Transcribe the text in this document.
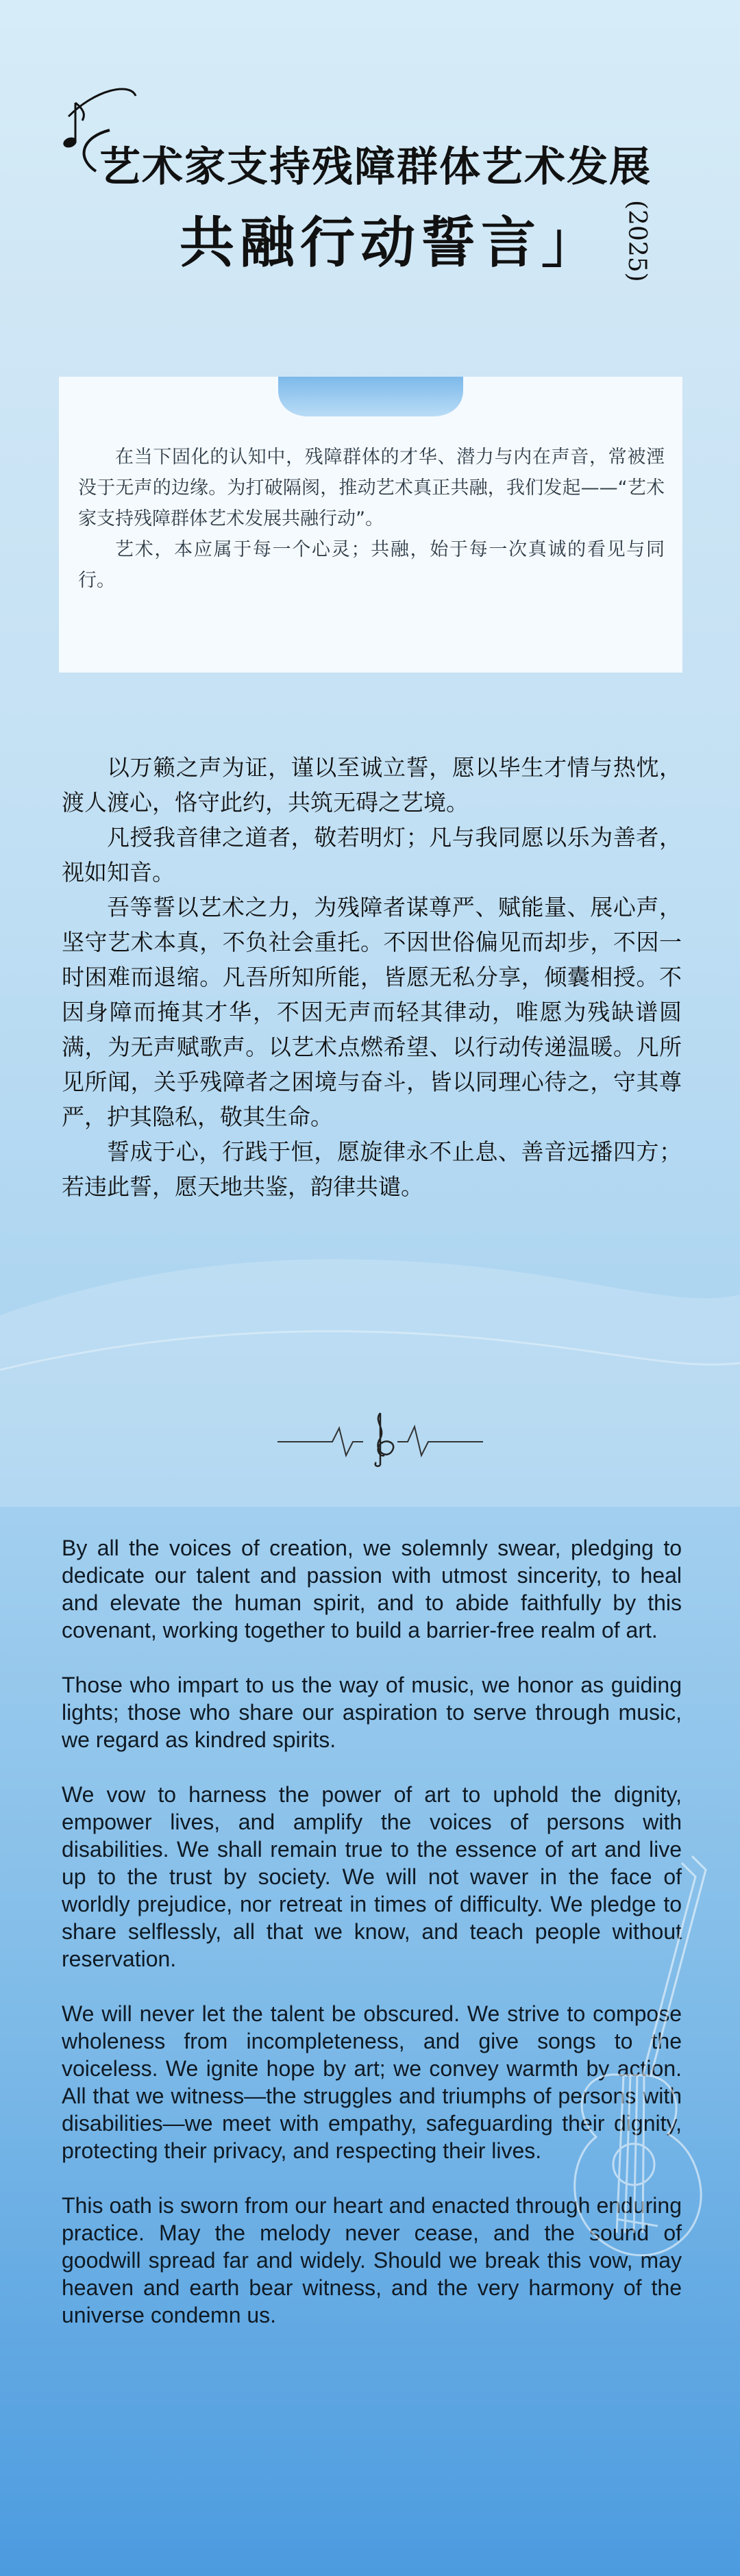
艺术家支持残障群体艺术发展
共融行动誓言」 (2025)

在当下固化的认知中，残障群体的才华、潜力与内在声音，常被湮没于无声的边缘。为打破隔阂，推动艺术真正共融，我们发起——“艺术家支持残障群体艺术发展共融行动”。

艺术，本应属于每一个心灵；共融，始于每一次真诚的看见与同行。

以万籁之声为证，谨以至诚立誓，愿以毕生才情与热忱，渡人渡心，恪守此约，共筑无碍之艺境。

凡授我音律之道者，敬若明灯；凡与我同愿以乐为善者，视如知音。

吾等誓以艺术之力，为残障者谋尊严、赋能量、展心声，坚守艺术本真，不负社会重托。不因世俗偏见而却步，不因一时困难而退缩。凡吾所知所能，皆愿无私分享，倾囊相授。不因身障而掩其才华，不因无声而轻其律动，唯愿为残缺谱圆满，为无声赋歌声。以艺术点燃希望、以行动传递温暖。凡所见所闻，关乎残障者之困境与奋斗，皆以同理心待之，守其尊严，护其隐私，敬其生命。

誓成于心，行践于恒，愿旋律永不止息、善音远播四方；若违此誓，愿天地共鉴，韵律共谴。

By all the voices of creation, we solemnly swear, pledging to dedicate our talent and passion with utmost sincerity, to heal and elevate the human spirit, and to abide faithfully by this covenant, working together to build a barrier-free realm of art.

Those who impart to us the way of music, we honor as guiding lights; those who share our aspiration to serve through music, we regard as kindred spirits.

We vow to harness the power of art to uphold the dignity, empower lives, and amplify the voices of persons with disabilities. We shall remain true to the essence of art and live up to the trust by society. We will not waver in the face of worldly prejudice, nor retreat in times of difficulty. We pledge to share selflessly, all that we know, and teach people without reservation.

We will never let the talent be obscured. We strive to compose wholeness from incompleteness, and give songs to the voiceless. We ignite hope by art; we convey warmth by action. All that we witness—the struggles and triumphs of persons with disabilities—we meet with empathy, safeguarding their dignity, protecting their privacy, and respecting their lives.

This oath is sworn from our heart and enacted through enduring practice. May the melody never cease, and the sound of goodwill spread far and widely. Should we break this vow, may heaven and earth bear witness, and the very harmony of the universe condemn us.
